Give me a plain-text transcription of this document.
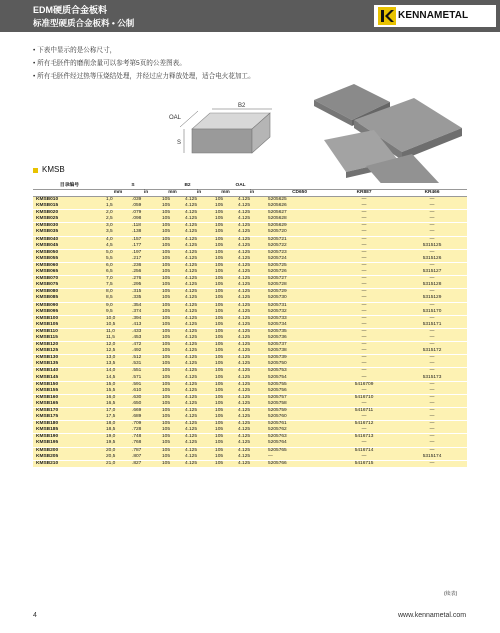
EDM硬质合金板料
标准型硬质合金板料 • 公制
KENNAMETAL
• 下表中显示的是公称尺寸，
• 所有毛胚件的磨削余量可以参考第5页的公差图表。
• 所有毛胚件经过热等压烧结处理，并经过应力释放处理，适合电火花加工。
B2
OAL
S
KMSB
目录编号	S		B2		OAL				
	mm	in	mm	in	mm	in	CD650	KR887	KR466
KMSB010	1,0	.039	105	4.125	105	4.125	5205625	—	—
KMSB015	1,5	.059	105	4.125	105	4.125	5205626	—	—
KMSB020	2,0	.079	105	4.125	105	4.125	5205627	—	—
KMSB025	2,5	.098	105	4.125	105	4.125	5205628	—	—
KMSB030	3,0	.118	105	4.125	105	4.125	5205629	—	—
KMSB035	3,5	.138	105	4.125	105	4.125	5205720	—	—
KMSB040	4,0	.157	105	4.125	105	4.125	5205721	—	—
KMSB045	4,5	.177	105	4.125	105	4.125	5205722	—	5315125
KMSB050	5,0	.197	105	4.125	105	4.125	5205723	—	—
KMSB055	5,5	.217	105	4.125	105	4.125	5205724	—	5315126
KMSB060	6,0	.236	105	4.125	105	4.125	5205725	—	—
KMSB065	6,5	.256	105	4.125	105	4.125	5205726	—	5315127
KMSB070	7,0	.276	105	4.125	105	4.125	5205727	—	—
KMSB075	7,5	.295	105	4.125	105	4.125	5205728	—	5315128
KMSB080	8,0	.315	105	4.125	105	4.125	5205729	—	—
KMSB085	8,5	.335	105	4.125	105	4.125	5205730	—	5315129
KMSB090	9,0	.354	105	4.125	105	4.125	5205731	—	—
KMSB095	9,5	.374	105	4.125	105	4.125	5205732	—	5315170
KMSB100	10,0	.394	105	4.125	105	4.125	5205733	—	—
KMSB105	10,5	.413	105	4.125	105	4.125	5205734	—	5315171
KMSB110	11,0	.433	105	4.125	105	4.125	5205735	—	—
KMSB115	11,5	.453	105	4.125	105	4.125	5205736	—	—
KMSB120	12,0	.472	105	4.125	105	4.125	5205737	—	—
KMSB125	12,5	.492	105	4.125	105	4.125	5205738	—	5315172
KMSB130	13,0	.512	105	4.125	105	4.125	5205739	—	—
KMSB135	13,5	.531	105	4.125	105	4.125	5205750	—	—
KMSB140	14,0	.551	105	4.125	105	4.125	5205753	—	—
KMSB145	14,5	.571	105	4.125	105	4.125	5205754	—	5315173
KMSB150	15,0	.591	105	4.125	105	4.125	5205755	5416709	—
KMSB155	15,5	.610	105	4.125	105	4.125	5205756	—	—
KMSB160	16,0	.630	105	4.125	105	4.125	5205757	5416710	—
KMSB165	16,5	.650	105	4.125	105	4.125	5205758	—	—
KMSB170	17,0	.669	105	4.125	105	4.125	5205759	5416711	—
KMSB175	17,5	.689	105	4.125	105	4.125	5205760	—	—
KMSB180	18,0	.709	105	4.125	105	4.125	5205761	5416712	—
KMSB185	18,5	.728	105	4.125	105	4.125	5205762	—	—
KMSB190	19,0	.748	105	4.125	105	4.125	5205763	5416713	—
KMSB195	19,5	.768	105	4.125	105	4.125	5205764	—	—
KMSB200	20,0	.787	105	4.125	105	4.125	5205765	5416714	—
KMSB205	20,5	.807	105	4.125	105	4.125	—	—	5315174
KMSB210	21,0	.827	105	4.125	105	4.125	5205766	5416715	—
(续表)
4	www.kennametal.com
